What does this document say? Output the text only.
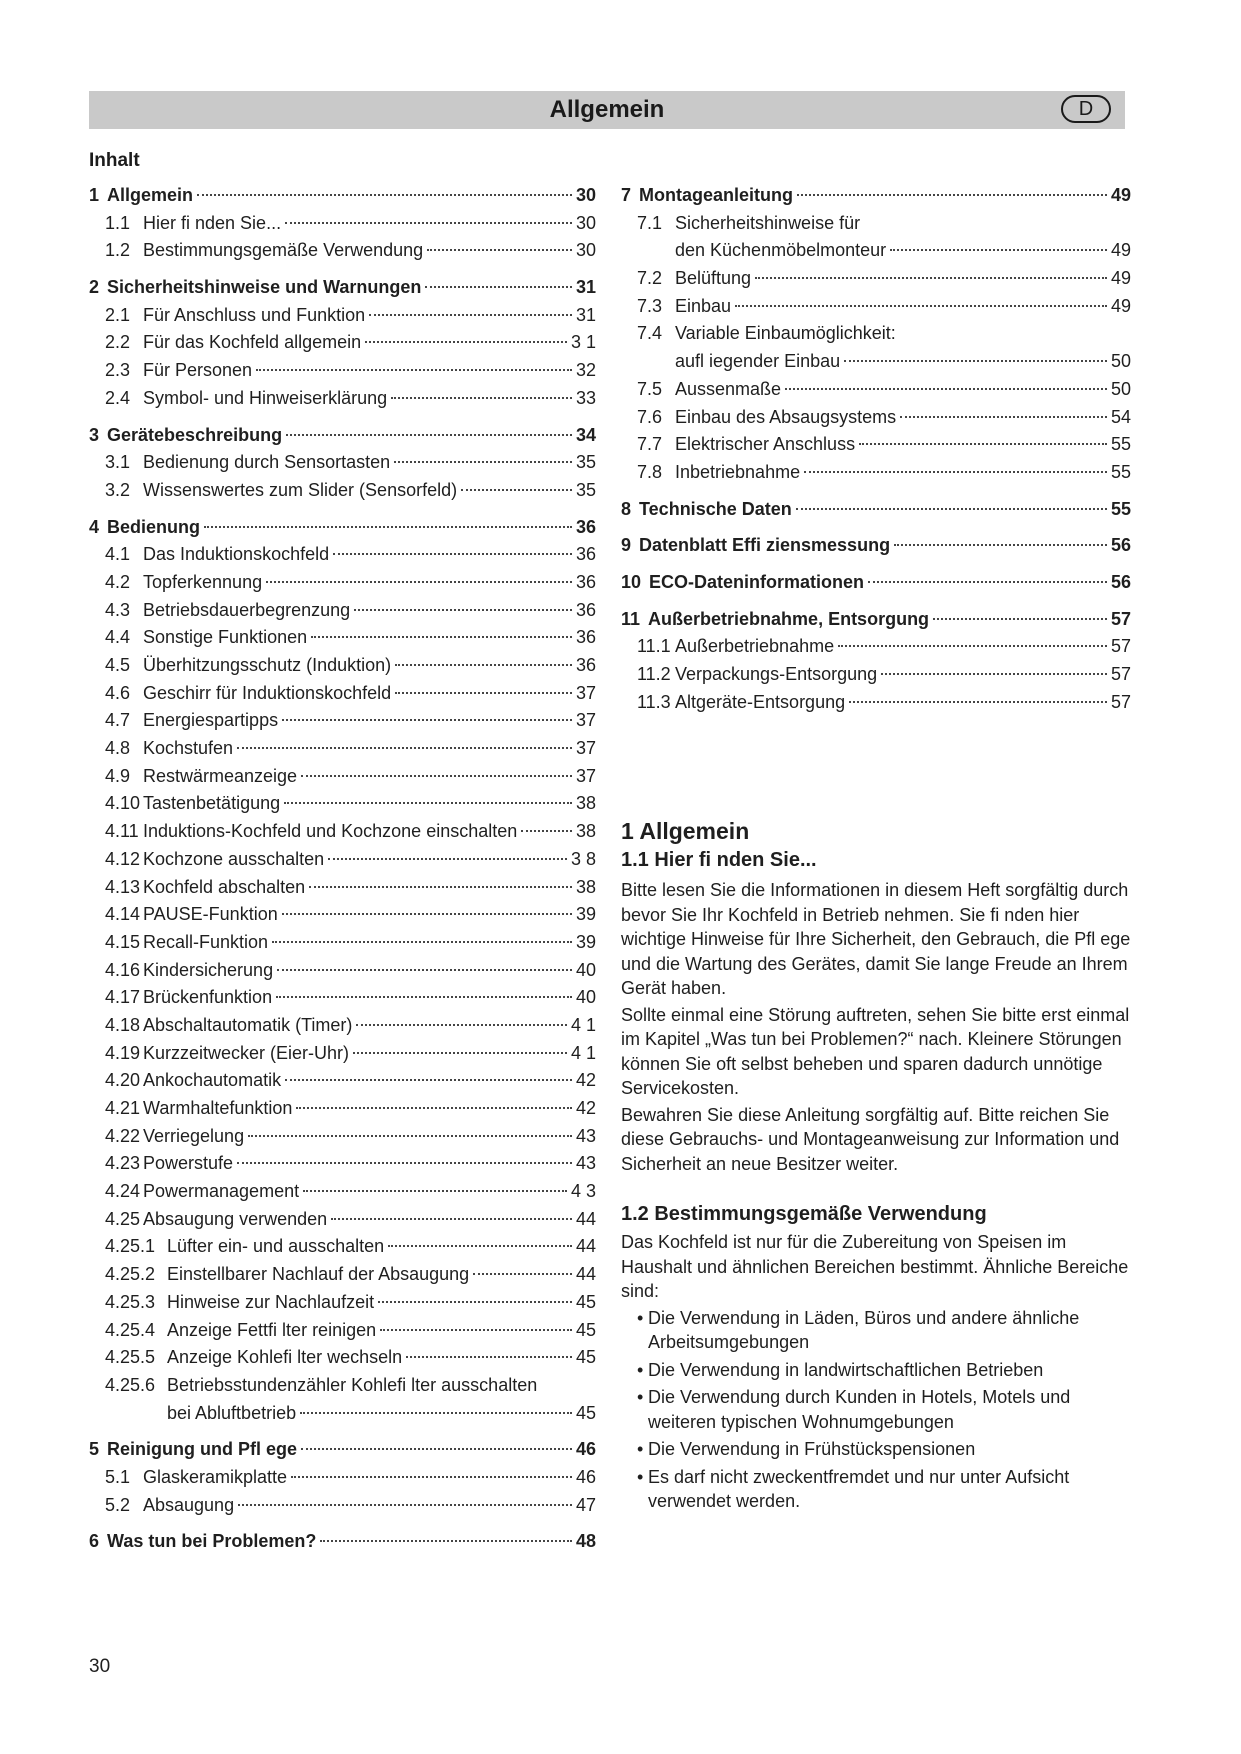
Allgemein	D
Inhalt
1 Allgemein	30
1.1 Hier fi nden Sie...	30
1.2 Bestimmungsgemäße Verwendung	30
2 Sicherheitshinweise und Warnungen	31
2.1 Für Anschluss und Funktion	31
2.2 Für das Kochfeld allgemein	3 1
2.3 Für Personen	32
2.4 Symbol- und Hinweiserklärung	33
3 Gerätebeschreibung	34
3.1 Bedienung durch Sensortasten	35
3.2 Wissenswertes zum Slider (Sensorfeld)	35
4 Bedienung	36
4.1 Das Induktionskochfeld	36
4.2 Topferkennung	36
4.3 Betriebsdauerbegrenzung	36
4.4 Sonstige Funktionen	36
4.5 Überhitzungsschutz (Induktion)	36
4.6 Geschirr für Induktionskochfeld	37
4.7 Energiespartipps	37
4.8 Kochstufen	37
4.9 Restwärmeanzeige	37
4.10 Tastenbetätigung	38
4.11 Induktions-Kochfeld und Kochzone einschalten	38
4.12 Kochzone ausschalten	3 8
4.13 Kochfeld abschalten	38
4.14 PAUSE-Funktion	39
4.15 Recall-Funktion	39
4.16 Kindersicherung	40
4.17 Brückenfunktion	40
4.18 Abschaltautomatik (Timer)	4 1
4.19 Kurzzeitwecker (Eier-Uhr)	4 1
4.20 Ankochautomatik	42
4.21 Warmhaltefunktion	42
4.22 Verriegelung	43
4.23 Powerstufe	43
4.24 Powermanagement	4 3
4.25 Absaugung verwenden	44
4.25.1 Lüfter ein- und ausschalten	44
4.25.2 Einstellbarer Nachlauf der Absaugung	44
4.25.3 Hinweise zur Nachlaufzeit	45
4.25.4 Anzeige Fettfi lter reinigen	45
4.25.5 Anzeige Kohlefi lter wechseln	45
4.25.6 Betriebsstundenzähler Kohlefi lter ausschalten
bei Abluftbetrieb	45
5 Reinigung und Pfl ege	46
5.1 Glaskeramikplatte	46
5.2 Absaugung	47
6 Was tun bei Problemen?	48
7 Montageanleitung	49
7.1 Sicherheitshinweise für
den Küchenmöbelmonteur	49
7.2 Belüftung	49
7.3 Einbau	49
7.4 Variable Einbaumöglichkeit:
aufl iegender Einbau	50
7.5 Aussenmaße	50
7.6 Einbau des Absaugsystems	54
7.7 Elektrischer Anschluss	55
7.8 Inbetriebnahme	55
8 Technische Daten	55
9 Datenblatt Effi ziensmessung	56
10 ECO-Dateninformationen	56
11 Außerbetriebnahme, Entsorgung	57
11.1 Außerbetriebnahme	57
11.2 Verpackungs-Entsorgung	57
11.3 Altgeräte-Entsorgung	57
1 Allgemein
1.1 Hier fi nden Sie...

Bitte lesen Sie die Informationen in diesem Heft sorgfältig durch bevor Sie Ihr Kochfeld in Betrieb nehmen. Sie fi nden hier wichtige Hinweise für Ihre Sicherheit, den Gebrauch, die Pfl ege und die Wartung des Gerätes, damit Sie lange Freude an Ihrem Gerät haben.

Sollte einmal eine Störung auftreten, sehen Sie bitte erst einmal im Kapitel „Was tun bei Problemen?“ nach. Kleinere Störungen können Sie oft selbst beheben und sparen dadurch unnötige Servicekosten.

Bewahren Sie diese Anleitung sorgfältig auf. Bitte reichen Sie diese Gebrauchs- und Montageanweisung zur Information und Sicherheit an neue Besitzer weiter.

1.2 Bestimmungsgemäße Verwendung

Das Kochfeld ist nur für die Zubereitung von Speisen im Haushalt und ähnlichen Bereichen bestimmt. Ähnliche Bereiche sind:

• Die Verwendung in Läden, Büros und andere ähnliche Arbeitsumgebungen
• Die Verwendung in landwirtschaftlichen Betrieben
• Die Verwendung durch Kunden in Hotels, Motels und weiteren typischen Wohnumgebungen
• Die Verwendung in Frühstückspensionen
• Es darf nicht zweckentfremdet und nur unter Aufsicht verwendet werden.
30
